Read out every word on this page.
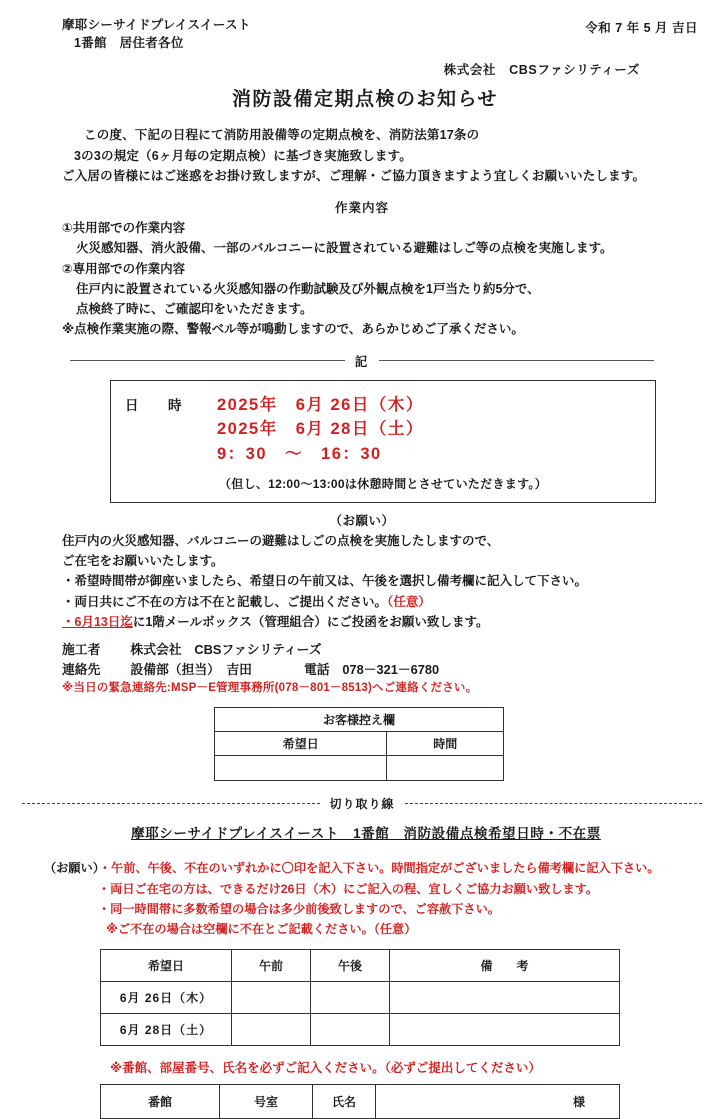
摩耶シーサイドプレイスイースト
1番館　居住者各位
令和 7 年 5 月 吉日
株式会社　CBSファシリティーズ
消防設備定期点検のお知らせ
この度、下記の日程にて消防用設備等の定期点検を、消防法第17条の
3の3の規定（6ヶ月毎の定期点検）に基づき実施致します。
ご入居の皆様にはご迷惑をお掛け致しますが、ご理解・ご協力頂きますよう宜しくお願いいたします。
作業内容
①共用部での作業内容
火災感知器、消火設備、一部のバルコニーに設置されている避難はしご等の点検を実施します。
②専用部での作業内容
住戸内に設置されている火災感知器の作動試験及び外観点検を1戸当たり約5分で、
点検終了時に、ご確認印をいただきます。
※点検作業実施の際、警報ベル等が鳴動しますので、あらかじめご了承ください。
記
日　時	2025年　6月 26日（木）
2025年　6月 28日（土）
9：30　～　16：30
（但し、12:00～13:00は休憩時間とさせていただきます。）
（お願い）
住戸内の火災感知器、バルコニーの避難はしごの点検を実施したしますので、
ご在宅をお願いいたします。
・希望時間帯が御座いましたら、希望日の午前又は、午後を選択し備考欄に記入して下さい。
・両日共にご不在の方は不在と記載し、ご提出ください。（任意）
・6月13日迄に1階メールボックス（管理組合）にご投函をお願い致します。
施工者 株式会社　CBSファシリティーズ
連絡先 設備部（担当）　吉田	電話　078－321－6780
※当日の緊急連絡先:MSP－E管理事務所(078－801－8513)へご連絡ください。
お客様控え欄	
希望日	時間

切り取り線
摩耶シーサイドプレイスイースト　1番館　消防設備点検希望日時・不在票
（お願い）・午前、午後、不在のいずれかに〇印を記入下さい。時間指定がございましたら備考欄に記入下さい。
・両日ご在宅の方は、できるだけ26日（木）にご記入の程、宜しくご協力お願い致します。
・同一時間帯に多数希望の場合は多少前後致しますので、ご容赦下さい。
※ご不在の場合は空欄に不在とご記載ください。（任意）
希望日	午前	午後	備　　考
6月 26日（木）			
6月 28日（土）			
※番館、部屋番号、氏名を必ずご記入ください。（必ずご提出してください）
番館	号室	氏名	様
